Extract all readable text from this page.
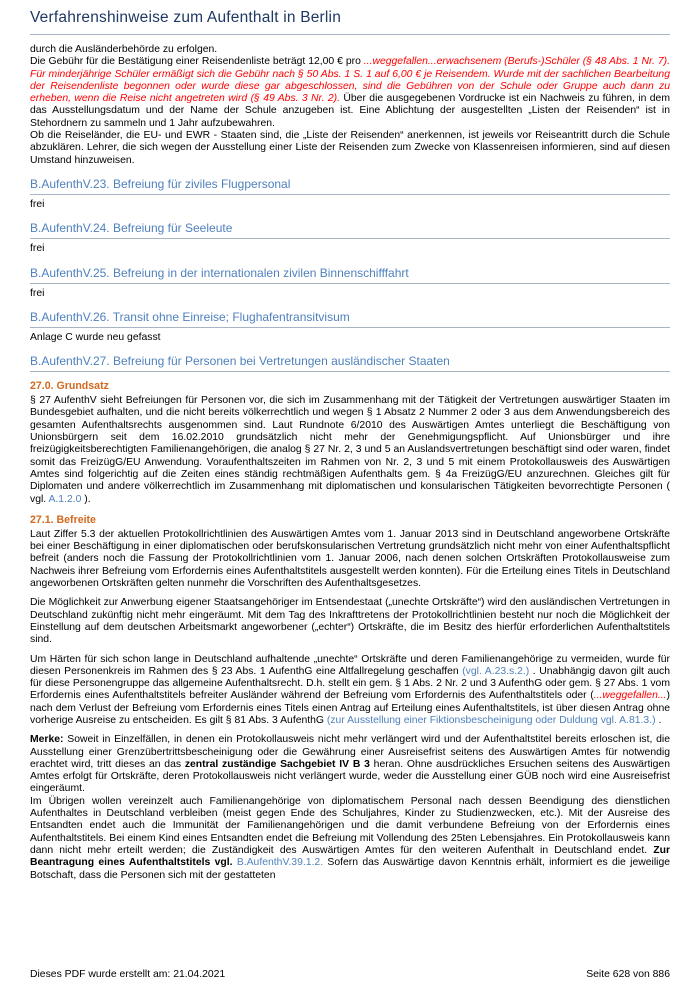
Verfahrenshinweise zum Aufenthalt in Berlin

durch die Ausländerbehörde zu erfolgen.

Die Gebühr für die Bestätigung einer Reisendenliste beträgt 12,00 € pro ...weggefallen...erwachsenem (Berufs-)Schüler (§ 48 Abs. 1 Nr. 7). Für minderjährige Schüler ermäßigt sich die Gebühr nach § 50 Abs. 1 S. 1 auf 6,00 € je Reisendem. Wurde mit der sachlichen Bearbeitung der Reisendenliste begonnen oder wurde diese gar abgeschlossen, sind die Gebühren von der Schule oder Gruppe auch dann zu erheben, wenn die Reise nicht angetreten wird (§ 49 Abs. 3 Nr. 2). Über die ausgegebenen Vordrucke ist ein Nachweis zu führen, in dem das Ausstellungsdatum und der Name der Schule anzugeben ist. Eine Ablichtung der ausgestellten „Listen der Reisenden“ ist in Stehordnern zu sammeln und 1 Jahr aufzubewahren.

Ob die Reiseländer, die EU- und EWR - Staaten sind, die „Liste der Reisenden“ anerkennen, ist jeweils vor Reiseantritt durch die Schule abzuklären. Lehrer, die sich wegen der Ausstellung einer Liste der Reisenden zum Zwecke von Klassenreisen informieren, sind auf diesen Umstand hinzuweisen.

B.AufenthV.23. Befreiung für ziviles Flugpersonal

frei

B.AufenthV.24. Befreiung für Seeleute

frei

B.AufenthV.25. Befreiung in der internationalen zivilen Binnenschifffahrt

frei

B.AufenthV.26. Transit ohne Einreise; Flughafentransitvisum

Anlage C wurde neu gefasst

B.AufenthV.27. Befreiung für Personen bei Vertretungen ausländischer Staaten
27.0. Grundsatz

§ 27 AufenthV sieht Befreiungen für Personen vor, die sich im Zusammenhang mit der Tätigkeit der Vertretungen auswärtiger Staaten im Bundesgebiet aufhalten, und die nicht bereits völkerrechtlich und wegen § 1 Absatz 2 Nummer 2 oder 3 aus dem Anwendungsbereich des gesamten Aufenthaltsrechts ausgenommen sind. Laut Rundnote 6/2010 des Auswärtigen Amtes unterliegt die Beschäftigung von Unionsbürgern seit dem 16.02.2010 grundsätzlich nicht mehr der Genehmigungspflicht. Auf Unionsbürger und ihre freizügigkeitsberechtigten Familienangehörigen, die analog § 27 Nr. 2, 3 und 5 an Auslandsvertretungen beschäftigt sind oder waren, findet somit das FreizügG/EU Anwendung. Voraufenthaltszeiten im Rahmen von Nr. 2, 3 und 5 mit einem Protokollausweis des Auswärtigen Amtes sind folgerichtig auf die Zeiten eines ständig rechtmäßigen Aufenthalts gem. § 4a FreizügG/EU anzurechnen. Gleiches gilt für Diplomaten und andere völkerrechtlich im Zusammenhang mit diplomatischen und konsularischen Tätigkeiten bevorrechtigte Personen ( vgl. A.1.2.0 ).

27.1. Befreite

Laut Ziffer 5.3 der aktuellen Protokollrichtlinien des Auswärtigen Amtes vom 1. Januar 2013 sind in Deutschland angeworbene Ortskräfte bei einer Beschäftigung in einer diplomatischen oder berufskonsularischen Vertretung grundsätzlich nicht mehr von einer Aufenthaltspflicht befreit (anders noch die Fassung der Protokollrichtlinien vom 1. Januar 2006, nach denen solchen Ortskräften Protokollausweise zum Nachweis ihrer Befreiung vom Erfordernis eines Aufenthaltstitels ausgestellt werden konnten). Für die Erteilung eines Titels in Deutschland angeworbenen Ortskräften gelten nunmehr die Vorschriften des Aufenthaltsgesetzes.

Die Möglichkeit zur Anwerbung eigener Staatsangehöriger im Entsendestaat („unechte Ortskräfte“) wird den ausländischen Vertretungen in Deutschland zukünftig nicht mehr eingeräumt. Mit dem Tag des Inkrafttretens der Protokollrichtlinien besteht nur noch die Möglichkeit der Einstellung auf dem deutschen Arbeitsmarkt angeworbener („echter“) Ortskräfte, die im Besitz des hierfür erforderlichen Aufenthaltstitels sind.

Um Härten für sich schon lange in Deutschland aufhaltende „unechte“ Ortskräfte und deren Familienangehörige zu vermeiden, wurde für diesen Personenkreis im Rahmen des § 23 Abs. 1 AufenthG eine Altfallregelung geschaffen (vgl. A.23.s.2.) . Unabhängig davon gilt auch für diese Personengruppe das allgemeine Aufenthaltsrecht. D.h. stellt ein gem. § 1 Abs. 2 Nr. 2 und 3 AufenthG oder gem. § 27 Abs. 1 vom Erfordernis eines Aufenthaltstitels befreiter Ausländer während der Befreiung vom Erfordernis des Aufenthaltstitels oder (...weggefallen...) nach dem Verlust der Befreiung vom Erfordernis eines Titels einen Antrag auf Erteilung eines Aufenthaltstitels, ist über diesen Antrag ohne vorherige Ausreise zu entscheiden. Es gilt § 81 Abs. 3 AufenthG (zur Ausstellung einer Fiktionsbescheinigung oder Duldung vgl. A.81.3.) .

Merke: Soweit in Einzelfällen, in denen ein Protokollausweis nicht mehr verlängert wird und der Aufenthaltstitel bereits erloschen ist, die Ausstellung einer Grenzübertrittsbescheinigung oder die Gewährung einer Ausreisefrist seitens des Auswärtigen Amtes für notwendig erachtet wird, tritt dieses an das zentral zuständige Sachgebiet IV B 3 heran. Ohne ausdrückliches Ersuchen seitens des Auswärtigen Amtes erfolgt für Ortskräfte, deren Protokollausweis nicht verlängert wurde, weder die Ausstellung einer GÜB noch wird eine Ausreisefrist eingeräumt.

Im Übrigen wollen vereinzelt auch Familienangehörige von diplomatischem Personal nach dessen Beendigung des dienstlichen Aufenthaltes in Deutschland verbleiben (meist gegen Ende des Schuljahres, Kinder zu Studienzwecken, etc.). Mit der Ausreise des Entsandten endet auch die Immunität der Familienangehörigen und die damit verbundene Befreiung von der Erfordernis eines Aufenthaltstitels. Bei einem Kind eines Entsandten endet die Befreiung mit Vollendung des 25ten Lebensjahres. Ein Protokollausweis kann dann nicht mehr erteilt werden; die Zuständigkeit des Auswärtigen Amtes für den weiteren Aufenthalt in Deutschland endet. Zur Beantragung eines Aufenthaltstitels vgl. B.AufenthV.39.1.2. Sofern das Auswärtige davon Kenntnis erhält, informiert es die jeweilige Botschaft, dass die Personen sich mit der gestatteten

Dieses PDF wurde erstellt am: 21.04.2021	Seite 628 von 886
